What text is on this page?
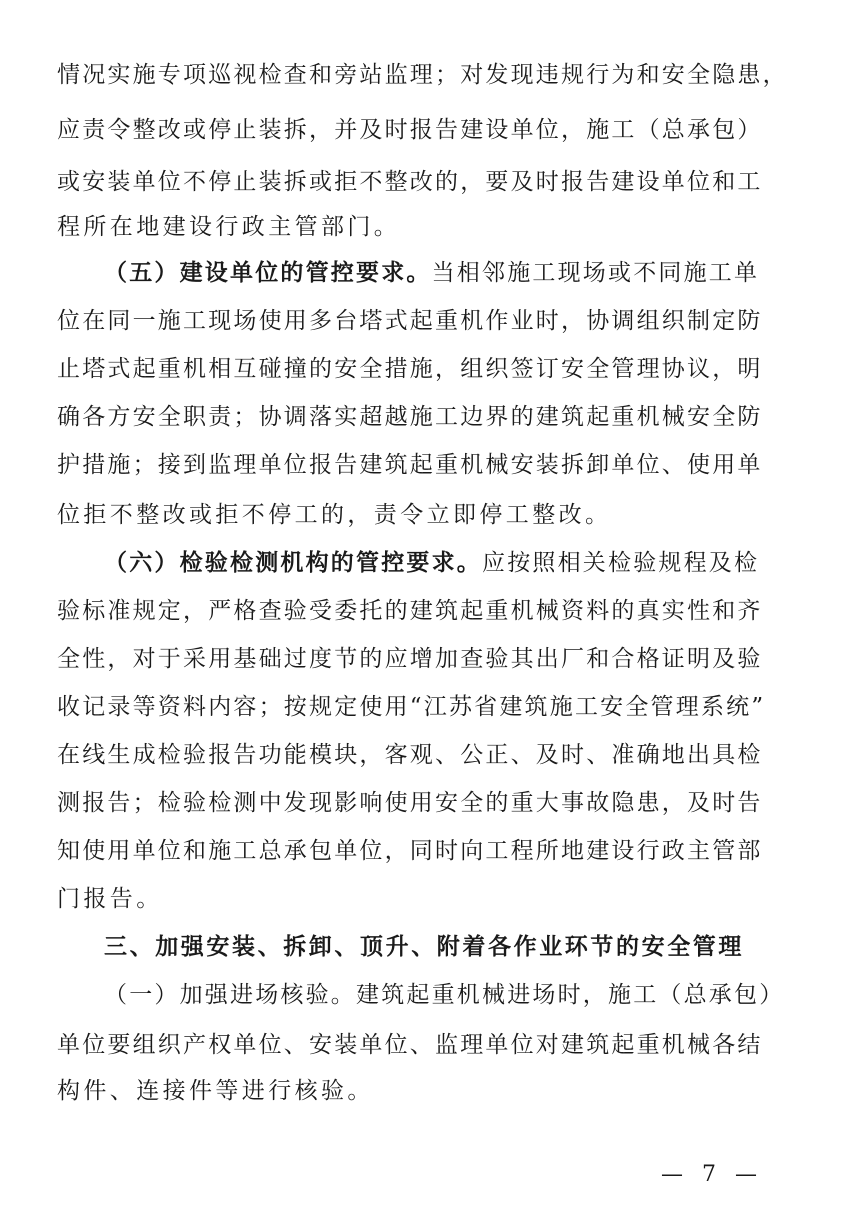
情况实施专项巡视检查和旁站监理；对发现违规行为和安全隐患，
应责令整改或停止装拆，并及时报告建设单位，施工（总承包）
或安装单位不停止装拆或拒不整改的，要及时报告建设单位和工
程所在地建设行政主管部门。
（五）建设单位的管控要求。当相邻施工现场或不同施工单
位在同一施工现场使用多台塔式起重机作业时，协调组织制定防
止塔式起重机相互碰撞的安全措施，组织签订安全管理协议，明
确各方安全职责；协调落实超越施工边界的建筑起重机械安全防
护措施；接到监理单位报告建筑起重机械安装拆卸单位、使用单
位拒不整改或拒不停工的，责令立即停工整改。
（六）检验检测机构的管控要求。应按照相关检验规程及检
验标准规定，严格查验受委托的建筑起重机械资料的真实性和齐
全性，对于采用基础过度节的应增加查验其出厂和合格证明及验
收记录等资料内容；按规定使用“江苏省建筑施工安全管理系统”
在线生成检验报告功能模块，客观、公正、及时、准确地出具检
测报告；检验检测中发现影响使用安全的重大事故隐患，及时告
知使用单位和施工总承包单位，同时向工程所地建设行政主管部
门报告。
三、加强安装、拆卸、顶升、附着各作业环节的安全管理
（一）加强进场核验。建筑起重机械进场时，施工（总承包）
单位要组织产权单位、安装单位、监理单位对建筑起重机械各结
构件、连接件等进行核验。
— 7 —
